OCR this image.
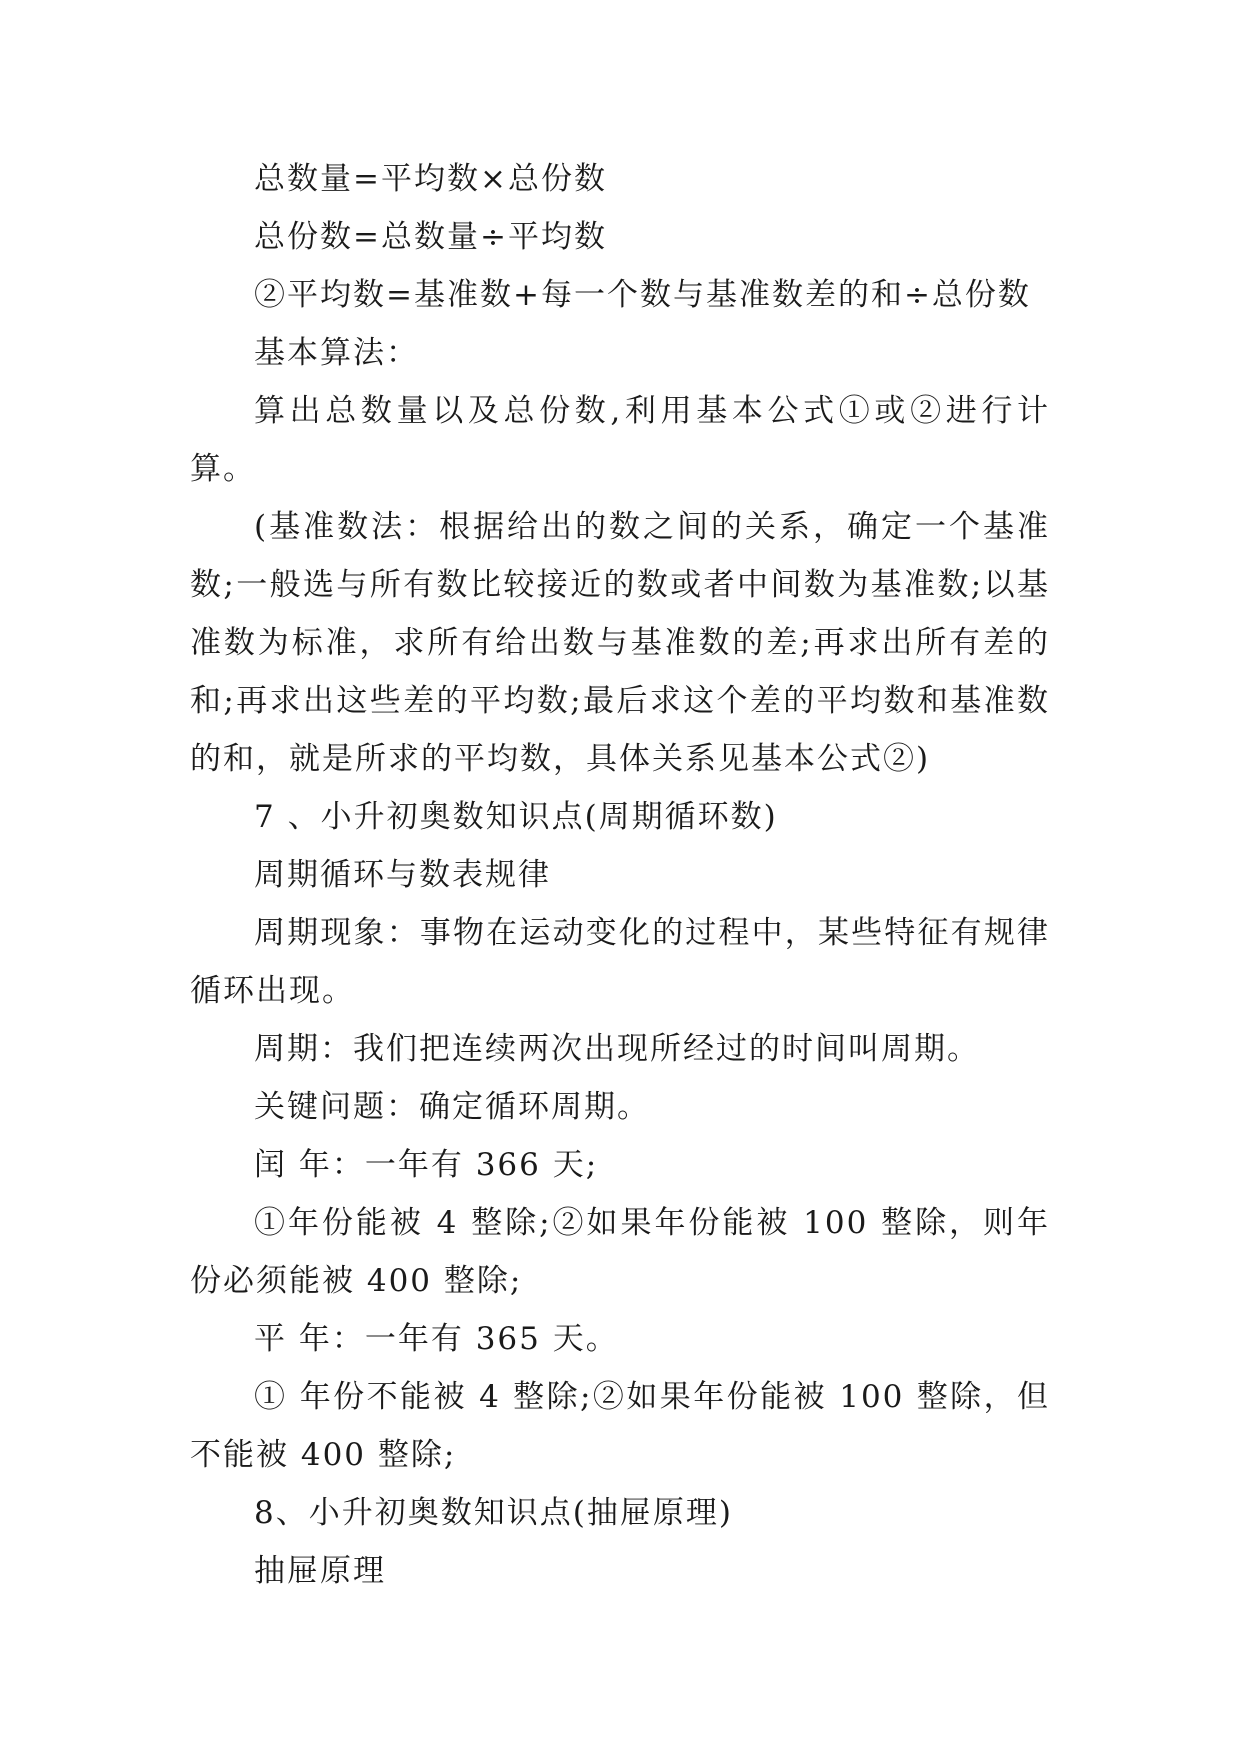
总数量=平均数×总份数

总份数=总数量÷平均数

②平均数=基准数+每一个数与基准数差的和÷总份数

基本算法：

算出总数量以及总份数,利用基本公式①或②进行计算。

(基准数法：根据给出的数之间的关系，确定一个基准数;一般选与所有数比较接近的数或者中间数为基准数;以基准数为标准，求所有给出数与基准数的差;再求出所有差的和;再求出这些差的平均数;最后求这个差的平均数和基准数的和，就是所求的平均数，具体关系见基本公式②)

7 、小升初奥数知识点(周期循环数)

周期循环与数表规律

周期现象：事物在运动变化的过程中，某些特征有规律循环出现。

周期：我们把连续两次出现所经过的时间叫周期。

关键问题：确定循环周期。

闰 年：一年有 366 天;

①年份能被 4 整除;②如果年份能被 100 整除，则年份必须能被 400 整除;

平 年：一年有 365 天。

① 年份不能被 4 整除;②如果年份能被 100 整除，但不能被 400 整除;

8、小升初奥数知识点(抽屉原理)

抽屉原理
